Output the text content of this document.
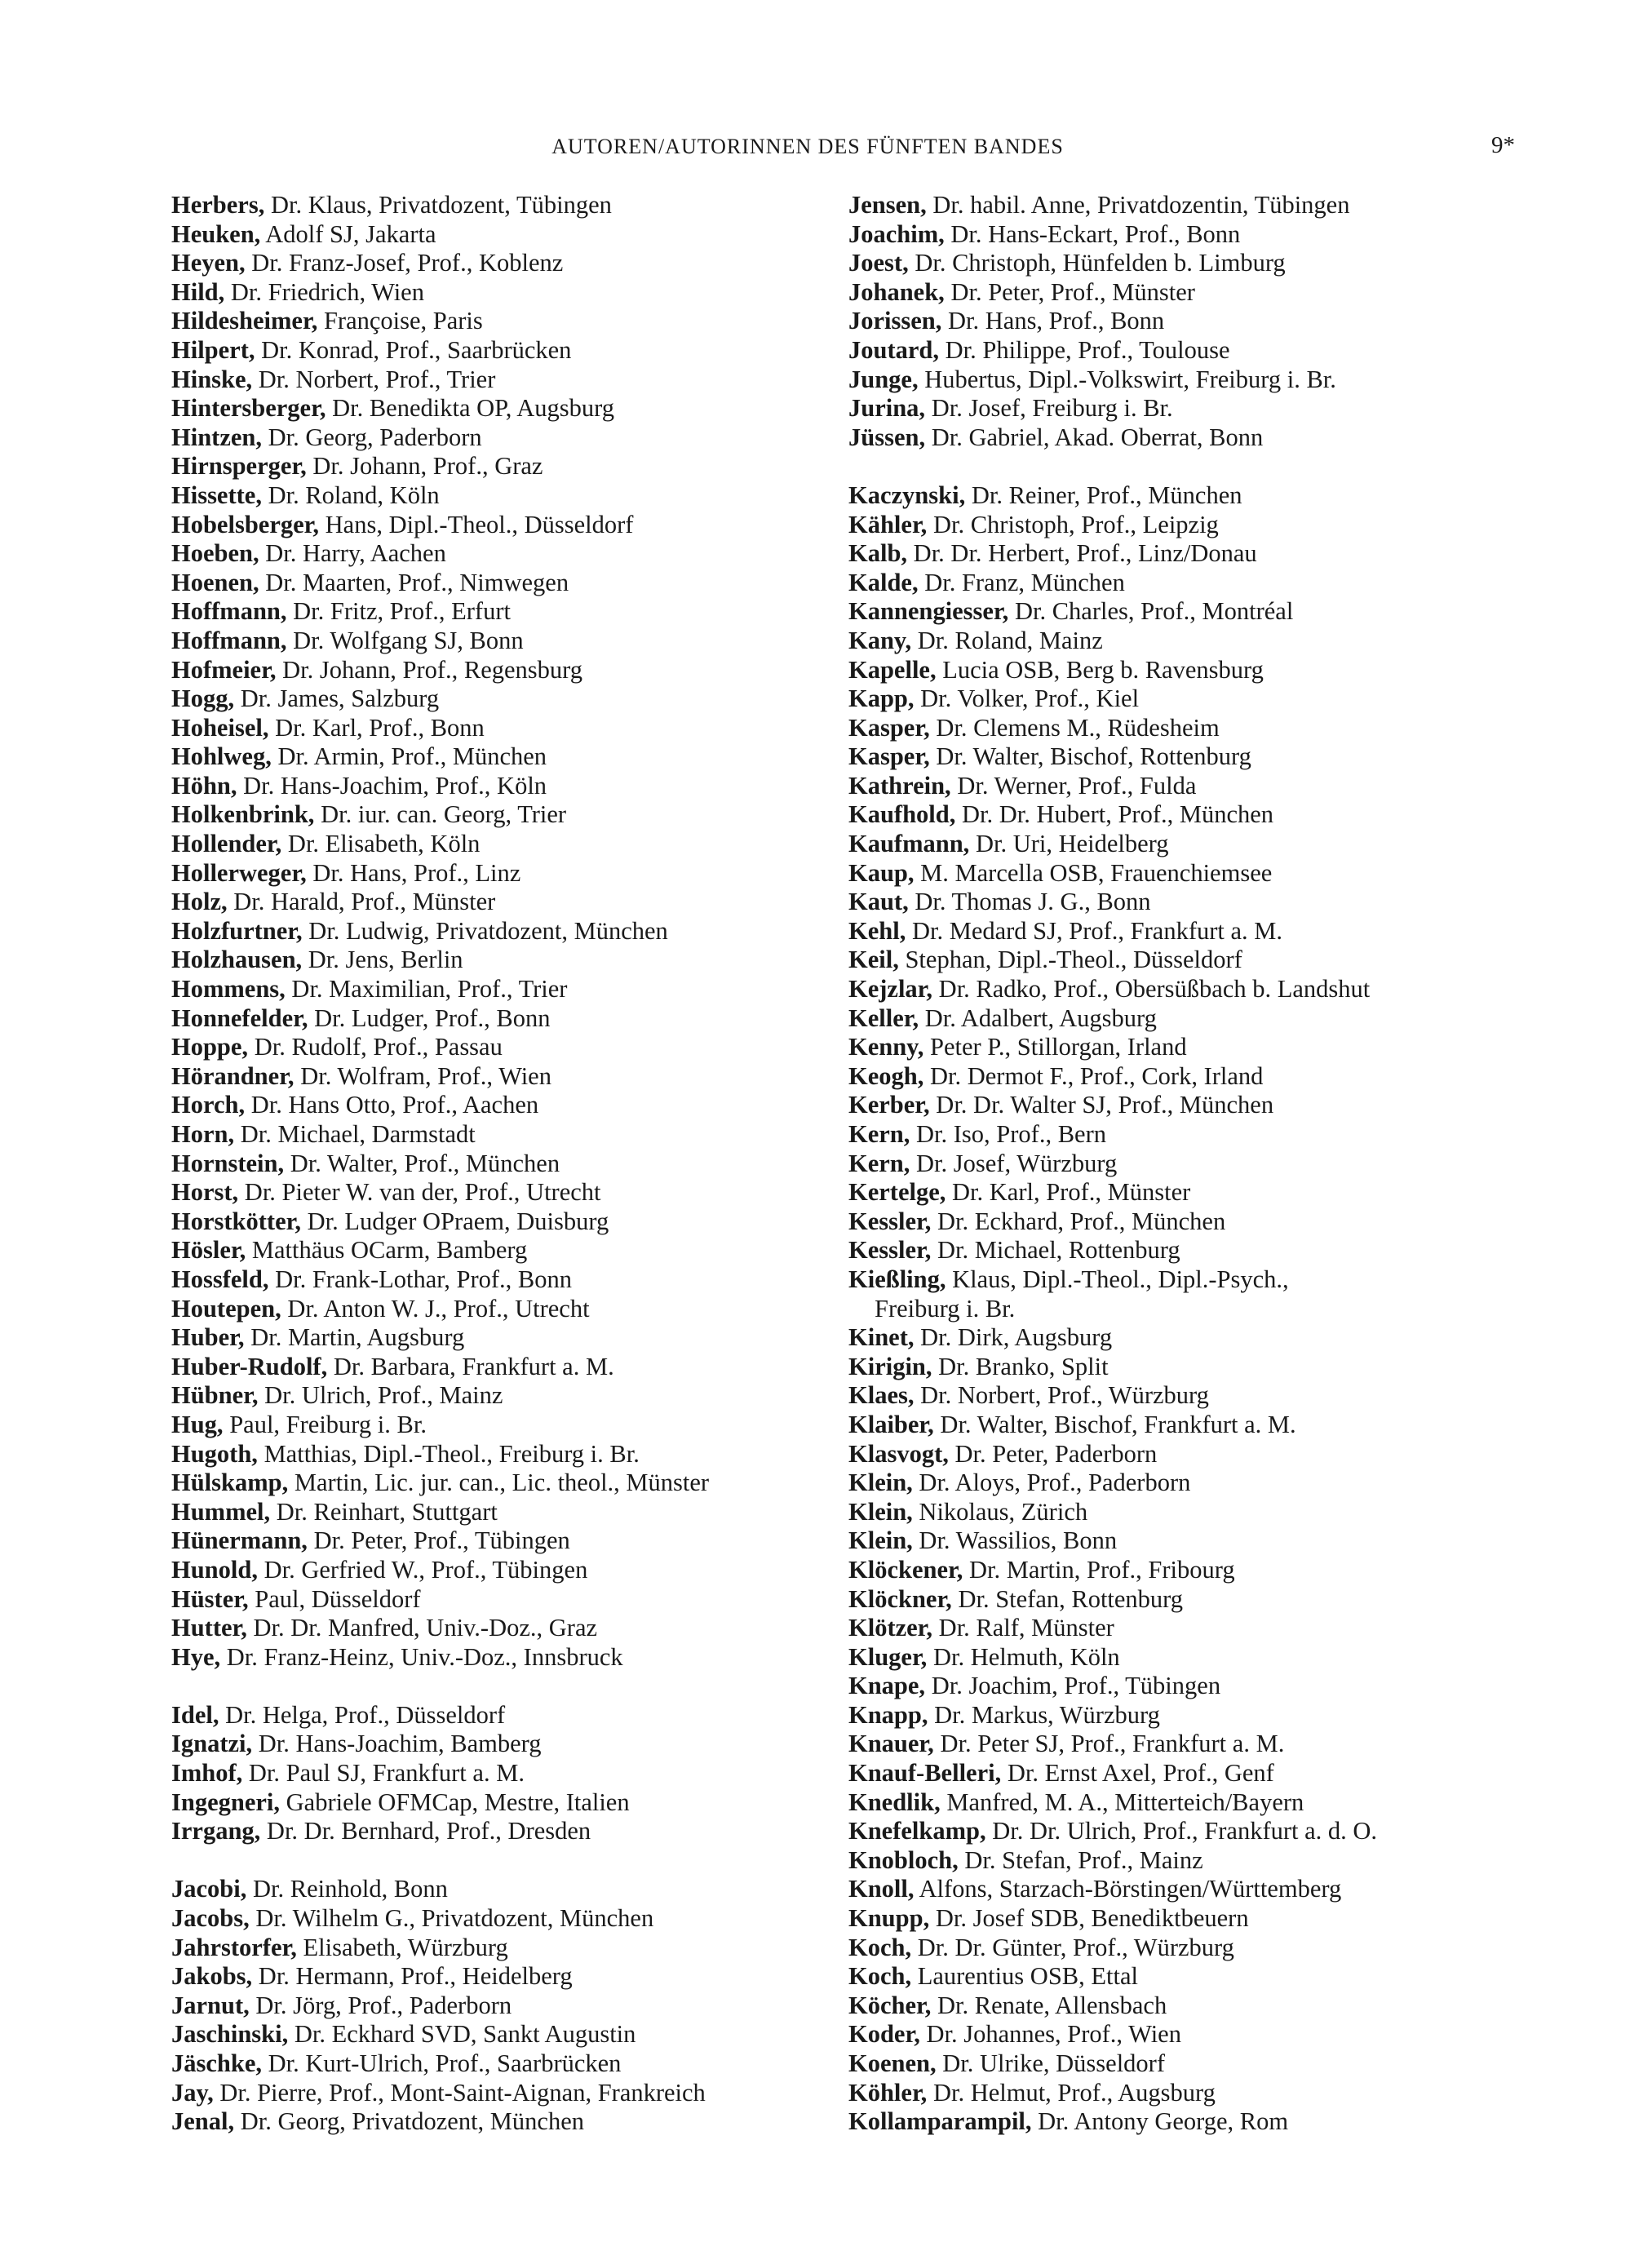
AUTOREN/AUTORINNEN DES FÜNFTEN BANDES	9*
Herbers, Dr. Klaus, Privatdozent, Tübingen
Heuken, Adolf SJ, Jakarta
Heyen, Dr. Franz-Josef, Prof., Koblenz
Hild, Dr. Friedrich, Wien
Hildesheimer, Françoise, Paris
Hilpert, Dr. Konrad, Prof., Saarbrücken
Hinske, Dr. Norbert, Prof., Trier
Hintersberger, Dr. Benedikta OP, Augsburg
Hintzen, Dr. Georg, Paderborn
Hirnsperger, Dr. Johann, Prof., Graz
Hissette, Dr. Roland, Köln
Hobelsberger, Hans, Dipl.-Theol., Düsseldorf
Hoeben, Dr. Harry, Aachen
Hoenen, Dr. Maarten, Prof., Nimwegen
Hoffmann, Dr. Fritz, Prof., Erfurt
Hoffmann, Dr. Wolfgang SJ, Bonn
Hofmeier, Dr. Johann, Prof., Regensburg
Hogg, Dr. James, Salzburg
Hoheisel, Dr. Karl, Prof., Bonn
Hohlweg, Dr. Armin, Prof., München
Höhn, Dr. Hans-Joachim, Prof., Köln
Holkenbrink, Dr. iur. can. Georg, Trier
Hollender, Dr. Elisabeth, Köln
Hollerweger, Dr. Hans, Prof., Linz
Holz, Dr. Harald, Prof., Münster
Holzfurtner, Dr. Ludwig, Privatdozent, München
Holzhausen, Dr. Jens, Berlin
Hommens, Dr. Maximilian, Prof., Trier
Honnefelder, Dr. Ludger, Prof., Bonn
Hoppe, Dr. Rudolf, Prof., Passau
Hörandner, Dr. Wolfram, Prof., Wien
Horch, Dr. Hans Otto, Prof., Aachen
Horn, Dr. Michael, Darmstadt
Hornstein, Dr. Walter, Prof., München
Horst, Dr. Pieter W. van der, Prof., Utrecht
Horstkötter, Dr. Ludger OPraem, Duisburg
Hösler, Matthäus OCarm, Bamberg
Hossfeld, Dr. Frank-Lothar, Prof., Bonn
Houtepen, Dr. Anton W. J., Prof., Utrecht
Huber, Dr. Martin, Augsburg
Huber-Rudolf, Dr. Barbara, Frankfurt a. M.
Hübner, Dr. Ulrich, Prof., Mainz
Hug, Paul, Freiburg i. Br.
Hugoth, Matthias, Dipl.-Theol., Freiburg i. Br.
Hülskamp, Martin, Lic. jur. can., Lic. theol., Münster
Hummel, Dr. Reinhart, Stuttgart
Hünermann, Dr. Peter, Prof., Tübingen
Hunold, Dr. Gerfried W., Prof., Tübingen
Hüster, Paul, Düsseldorf
Hutter, Dr. Dr. Manfred, Univ.-Doz., Graz
Hye, Dr. Franz-Heinz, Univ.-Doz., Innsbruck
Idel, Dr. Helga, Prof., Düsseldorf
Ignatzi, Dr. Hans-Joachim, Bamberg
Imhof, Dr. Paul SJ, Frankfurt a. M.
Ingegneri, Gabriele OFMCap, Mestre, Italien
Irrgang, Dr. Dr. Bernhard, Prof., Dresden
Jacobi, Dr. Reinhold, Bonn
Jacobs, Dr. Wilhelm G., Privatdozent, München
Jahrstorfer, Elisabeth, Würzburg
Jakobs, Dr. Hermann, Prof., Heidelberg
Jarnut, Dr. Jörg, Prof., Paderborn
Jaschinski, Dr. Eckhard SVD, Sankt Augustin
Jäschke, Dr. Kurt-Ulrich, Prof., Saarbrücken
Jay, Dr. Pierre, Prof., Mont-Saint-Aignan, Frankreich
Jenal, Dr. Georg, Privatdozent, München
Jensen, Dr. habil. Anne, Privatdozentin, Tübingen
Joachim, Dr. Hans-Eckart, Prof., Bonn
Joest, Dr. Christoph, Hünfelden b. Limburg
Johanek, Dr. Peter, Prof., Münster
Jorissen, Dr. Hans, Prof., Bonn
Joutard, Dr. Philippe, Prof., Toulouse
Junge, Hubertus, Dipl.-Volkswirt, Freiburg i. Br.
Jurina, Dr. Josef, Freiburg i. Br.
Jüssen, Dr. Gabriel, Akad. Oberrat, Bonn
Kaczynski, Dr. Reiner, Prof., München
Kähler, Dr. Christoph, Prof., Leipzig
Kalb, Dr. Dr. Herbert, Prof., Linz/Donau
Kalde, Dr. Franz, München
Kannengiesser, Dr. Charles, Prof., Montréal
Kany, Dr. Roland, Mainz
Kapelle, Lucia OSB, Berg b. Ravensburg
Kapp, Dr. Volker, Prof., Kiel
Kasper, Dr. Clemens M., Rüdesheim
Kasper, Dr. Walter, Bischof, Rottenburg
Kathrein, Dr. Werner, Prof., Fulda
Kaufhold, Dr. Dr. Hubert, Prof., München
Kaufmann, Dr. Uri, Heidelberg
Kaup, M. Marcella OSB, Frauenchiemsee
Kaut, Dr. Thomas J. G., Bonn
Kehl, Dr. Medard SJ, Prof., Frankfurt a. M.
Keil, Stephan, Dipl.-Theol., Düsseldorf
Kejzlar, Dr. Radko, Prof., Obersüßbach b. Landshut
Keller, Dr. Adalbert, Augsburg
Kenny, Peter P., Stillorgan, Irland
Keogh, Dr. Dermot F., Prof., Cork, Irland
Kerber, Dr. Dr. Walter SJ, Prof., München
Kern, Dr. Iso, Prof., Bern
Kern, Dr. Josef, Würzburg
Kertelge, Dr. Karl, Prof., Münster
Kessler, Dr. Eckhard, Prof., München
Kessler, Dr. Michael, Rottenburg
Kießling, Klaus, Dipl.-Theol., Dipl.-Psych.,
Freiburg i. Br.
Kinet, Dr. Dirk, Augsburg
Kirigin, Dr. Branko, Split
Klaes, Dr. Norbert, Prof., Würzburg
Klaiber, Dr. Walter, Bischof, Frankfurt a. M.
Klasvogt, Dr. Peter, Paderborn
Klein, Dr. Aloys, Prof., Paderborn
Klein, Nikolaus, Zürich
Klein, Dr. Wassilios, Bonn
Klöckener, Dr. Martin, Prof., Fribourg
Klöckner, Dr. Stefan, Rottenburg
Klötzer, Dr. Ralf, Münster
Kluger, Dr. Helmuth, Köln
Knape, Dr. Joachim, Prof., Tübingen
Knapp, Dr. Markus, Würzburg
Knauer, Dr. Peter SJ, Prof., Frankfurt a. M.
Knauf-Belleri, Dr. Ernst Axel, Prof., Genf
Knedlik, Manfred, M. A., Mitterteich/Bayern
Knefelkamp, Dr. Dr. Ulrich, Prof., Frankfurt a. d. O.
Knobloch, Dr. Stefan, Prof., Mainz
Knoll, Alfons, Starzach-Börstingen/Württemberg
Knupp, Dr. Josef SDB, Benediktbeuern
Koch, Dr. Dr. Günter, Prof., Würzburg
Koch, Laurentius OSB, Ettal
Köcher, Dr. Renate, Allensbach
Koder, Dr. Johannes, Prof., Wien
Koenen, Dr. Ulrike, Düsseldorf
Köhler, Dr. Helmut, Prof., Augsburg
Kollamparampil, Dr. Antony George, Rom
